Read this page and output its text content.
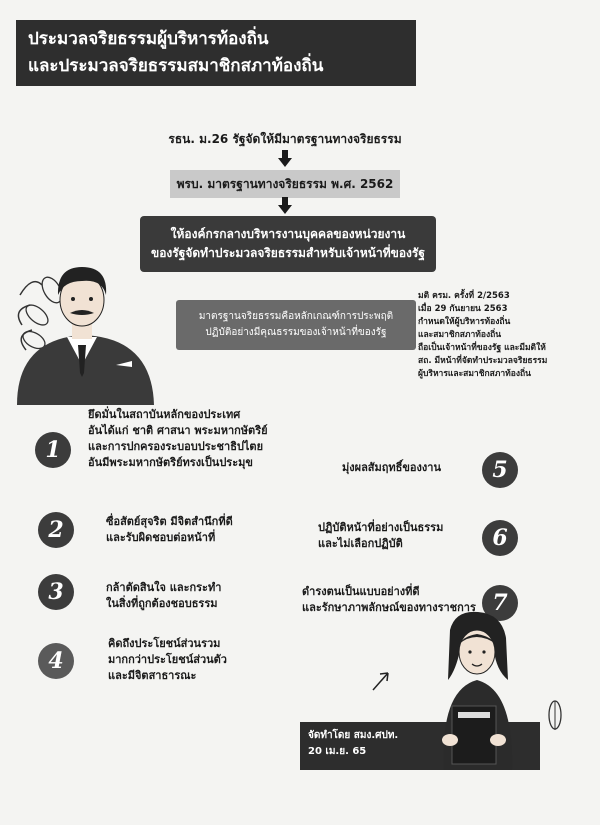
ประมวลจริยธรรมผู้บริหารท้องถิ่น
และประมวลจริยธรรมสมาชิกสภาท้องถิ่น
รธน. ม.26 รัฐจัดให้มีมาตรฐานทางจริยธรรม
พรบ. มาตรฐานทางจริยธรรม พ.ศ. 2562
ให้องค์กรกลางบริหารงานบุคคลของหน่วยงาน
ของรัฐจัดทำประมวลจริยธรรมสำหรับเจ้าหน้าที่ของรัฐ
มาตรฐานจริยธรรมคือหลักเกณฑ์การประพฤติ
ปฏิบัติอย่างมีคุณธรรมของเจ้าหน้าที่ของรัฐ
มติ ครม. ครั้งที่ 2/2563
เมื่อ 29 กันยายน 2563
กำหนดให้ผู้บริหารท้องถิ่น
และสมาชิกสภาท้องถิ่น
ถือเป็นเจ้าหน้าที่ของรัฐ และมีมติให้
สถ. มีหน้าที่จัดทำประมวลจริยธรรม
ผู้บริหารและสมาชิกสภาท้องถิ่น
1
ยึดมั่นในสถาบันหลักของประเทศ
อันได้แก่ ชาติ ศาสนา พระมหากษัตริย์
และการปกครองระบอบประชาธิปไตย
อันมีพระมหากษัตริย์ทรงเป็นประมุข
2	ซื่อสัตย์สุจริต มีจิตสำนึกที่ดี
และรับผิดชอบต่อหน้าที่
3	กล้าตัดสินใจ และกระทำ
ในสิ่งที่ถูกต้องชอบธรรม
4
คิดถึงประโยชน์ส่วนรวม
มากกว่าประโยชน์ส่วนตัว
และมีจิตสาธารณะ
มุ่งผลสัมฤทธิ์ของงาน 5
ปฏิบัติหน้าที่อย่างเป็นธรรม
และไม่เลือกปฏิบัติ	6
ดำรงตนเป็นแบบอย่างที่ดี
และรักษาภาพลักษณ์ของทางราชการ 7
จัดทำโดย สมง.ศปท.
20 เม.ย. 65
